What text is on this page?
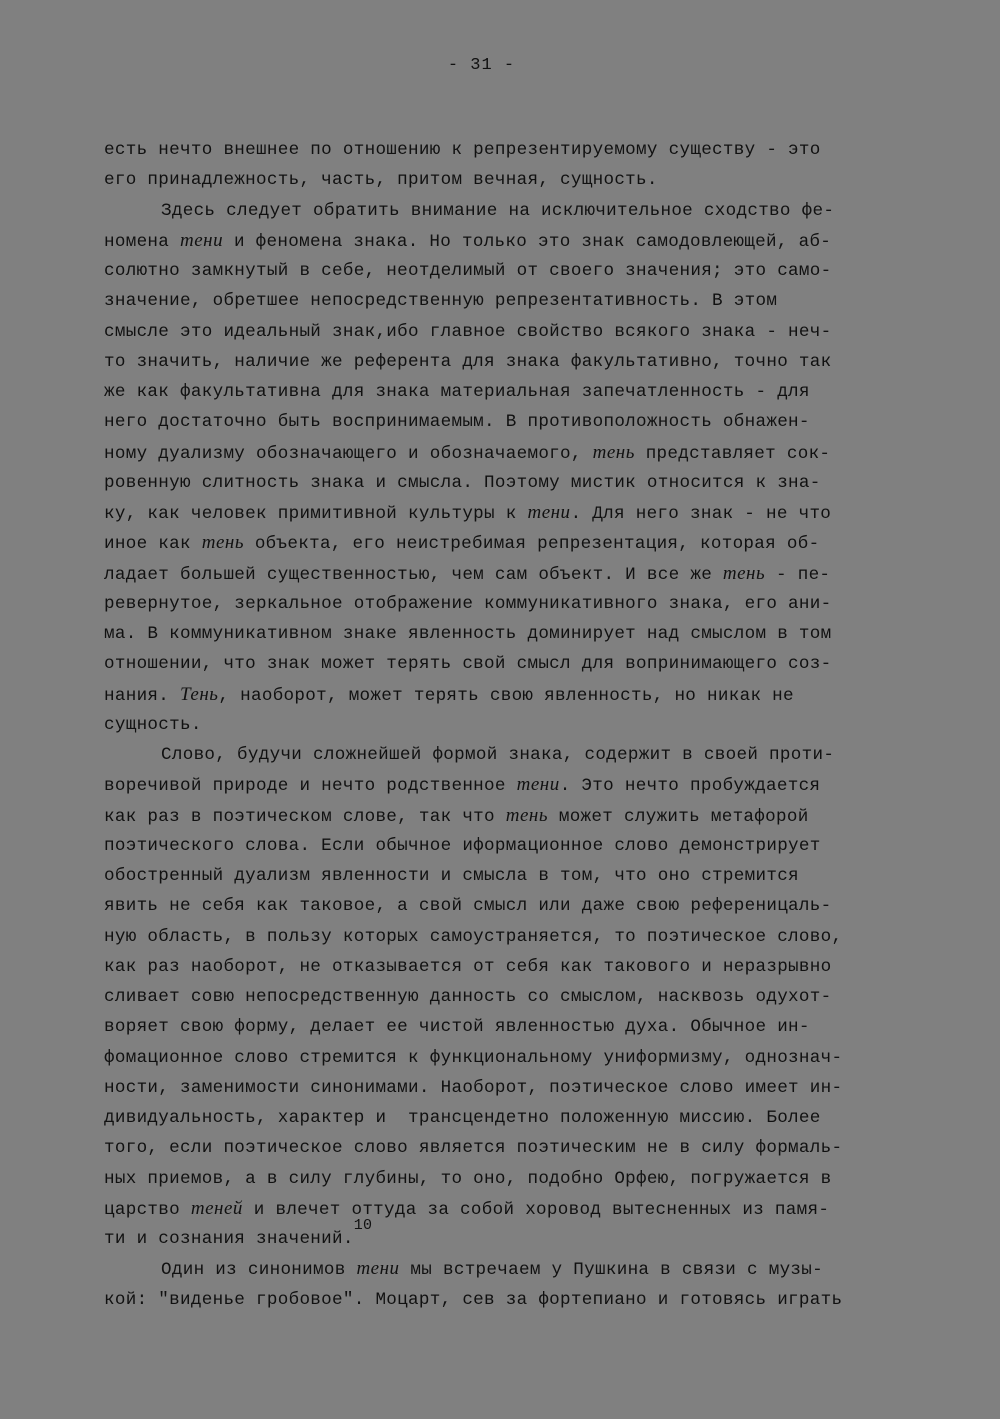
- 31 -
есть нечто внешнее по отношению к репрезентируемому существу - это
его принадлежность, часть, притом вечная, сущность.
Здесь следует обратить внимание на исключительное сходство фе-
номена тени и феномена знака. Но только это знак самодовлеющей, аб-
солютно замкнутый в себе, неотделимый от своего значения; это само-
значение, обретшее непосредственную репрезентативность. В этом
смысле это идеальный знак,ибо главное свойство всякого знака - неч-
то значить, наличие же референта для знака факультативно, точно так
же как факультативна для знака материальная запечатленность - для
него достаточно быть воспринимаемым. В противоположность обнажен-
ному дуализму обозначающего и обозначаемого, тень представляет сок-
ровенную слитность знака и смысла. Поэтому мистик относится к зна-
ку, как человек примитивной культуры к тени. Для него знак - не что
иное как тень объекта, его неистребимая репрезентация, которая об-
ладает большей существенностью, чем сам объект. И все же тень - пе-
ревернутое, зеркальное отображение коммуникативного знака, его ани-
ма. В коммуникативном знаке явленность доминирует над смыслом в том
отношении, что знак может терять свой смысл для вопринимающего соз-
нания. Тень, наоборот, может терять свою явленность, но никак не
сущность.
Слово, будучи сложнейшей формой знака, содержит в своей проти-
воречивой природе и нечто родственное тени. Это нечто пробуждается
как раз в поэтическом слове, так что тень может служить метафорой
поэтического слова. Если обычное иформационное слово демонстрирует
обостренный дуализм явленности и смысла в том, что оно стремится
явить не себя как таковое, а свой смысл или даже свою референицаль-
ную область, в пользу которых самоустраняется, то поэтическое слово,
как раз наоборот, не отказывается от себя как такового и неразрывно
сливает совю непосредственную данность со смыслом, насквозь одухот-
воряет свою форму, делает ее чистой явленностью духа. Обычное ин-
фомационное слово стремится к функциональному униформизму, однознач-
ности, заменимости синонимами. Наоборот, поэтическое слово имеет ин-
дивидуальность, характер и  трансцендетно положенную миссию. Более
того, если поэтическое слово является поэтическим не в силу формаль-
ных приемов, а в силу глубины, то оно, подобно Орфею, погружается в
царство теней и влечет оттуда за собой хоровод вытесненных из памя-
ти и сознания значений.10
Один из синонимов тени мы встречаем у Пушкина в связи с музы-
кой: "виденье гробовое". Моцарт, сев за фортепиано и готовясь играть
